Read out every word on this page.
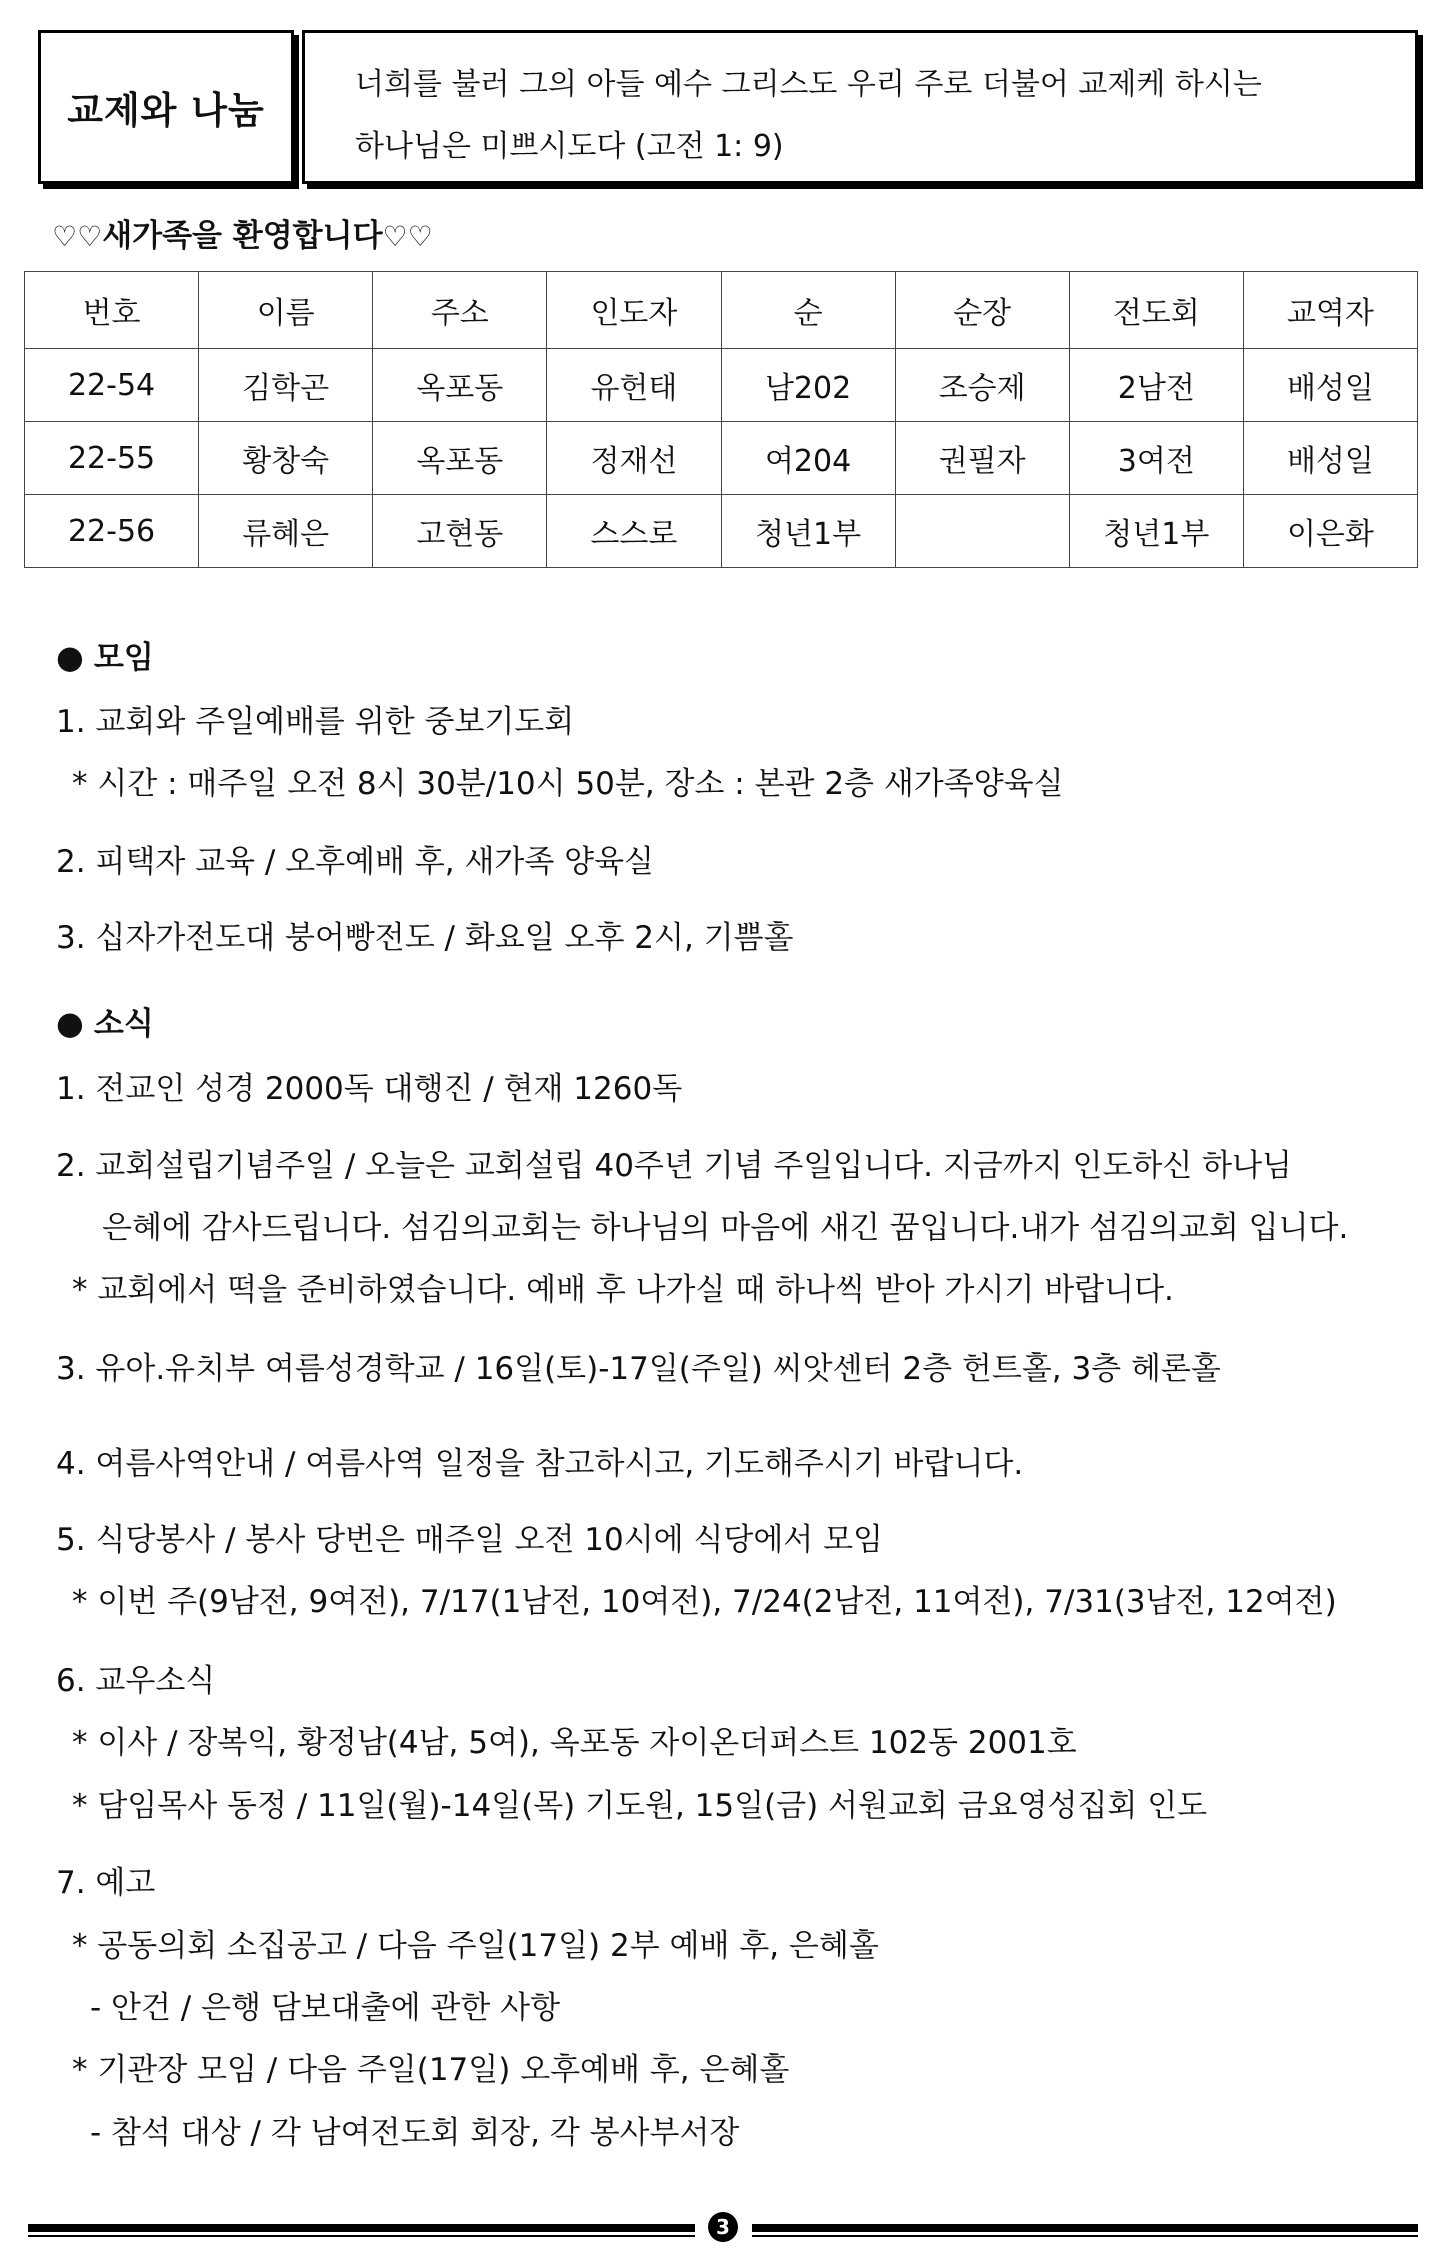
교제와 나눔
너희를 불러 그의 아들 예수 그리스도 우리 주로 더불어 교제케 하시는
하나님은 미쁘시도다 (고전 1: 9)
♡♡새가족을 환영합니다♡♡
번호	이름	주소	인도자	순	순장	전도회	교역자
22-54	김학곤	옥포동	유헌태	남202	조승제	2남전	배성일
22-55	황창숙	옥포동	정재선	여204	권필자	3여전	배성일
22-56	류혜은	고현동	스스로	청년1부		청년1부	이은화
● 모임
1. 교회와 주일예배를 위한 중보기도회
* 시간 : 매주일 오전 8시 30분/10시 50분, 장소 : 본관 2층 새가족양육실
2. 피택자 교육 / 오후예배 후, 새가족 양육실
3. 십자가전도대 붕어빵전도 / 화요일 오후 2시, 기쁨홀
● 소식
1. 전교인 성경 2000독 대행진 / 현재 1260독
2. 교회설립기념주일 / 오늘은 교회설립 40주년 기념 주일입니다. 지금까지 인도하신 하나님
은혜에 감사드립니다. 섬김의교회는 하나님의 마음에 새긴 꿈입니다.내가 섬김의교회 입니다.
* 교회에서 떡을 준비하였습니다. 예배 후 나가실 때 하나씩 받아 가시기 바랍니다.
3. 유아.유치부 여름성경학교 / 16일(토)-17일(주일) 씨앗센터 2층 헌트홀, 3층 헤론홀
4. 여름사역안내 / 여름사역 일정을 참고하시고, 기도해주시기 바랍니다.
5. 식당봉사 / 봉사 당번은 매주일 오전 10시에 식당에서 모임
* 이번 주(9남전, 9여전), 7/17(1남전, 10여전), 7/24(2남전, 11여전), 7/31(3남전, 12여전)
6. 교우소식
* 이사 / 장복익, 황정남(4남, 5여), 옥포동 자이온더퍼스트 102동 2001호
* 담임목사 동정 / 11일(월)-14일(목) 기도원, 15일(금) 서원교회 금요영성집회 인도
7. 예고
* 공동의회 소집공고 / 다음 주일(17일) 2부 예배 후, 은혜홀
- 안건 / 은행 담보대출에 관한 사항
* 기관장 모임 / 다음 주일(17일) 오후예배 후, 은혜홀
- 참석 대상 / 각 남여전도회 회장, 각 봉사부서장
3
